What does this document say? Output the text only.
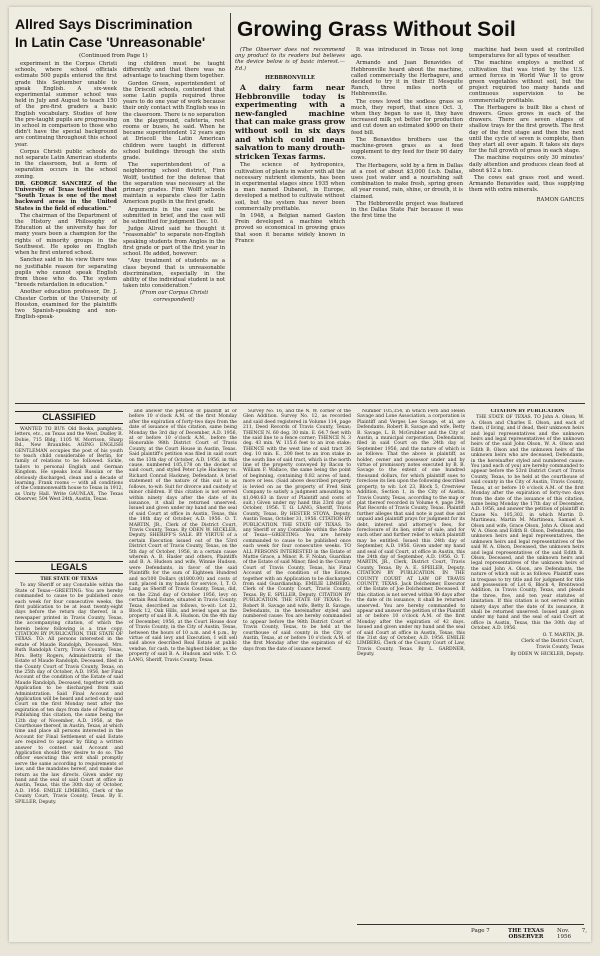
Allred Says Discrimination
In Latin Case 'Unreasonable'
(Continued from Page 1)

experiment in the Corpus Christi schools, where school officials estimate 500 pupils entered the first grade this September unable to speak English. A six-week experimental summer school was held in July and August to teach 150 of the pre-first graders a basic English vocabulary. Studies of how the pre-taught pupils are progressing in school in comparison to those who didn't have the special background are continuing throughout this school year.

Corpus Christi public schools do not separate Latin American students in the classroom, but a form of separation occurs in the school zoning.

DR. GEORGE SANCHEZ of the University of Texas testified that "South Texas is one of the most backward areas in the United States in the field of education."

The chairman of the Department of the History and Philosophy of Education at the university has for many years been a champion for the rights of minority groups in the Southwest. He spoke on English when he first entered school.

Sanchez said in his view there was no justifiable reason for separating pupils who cannot speak English from those who do. The system "breeds retardation in education."

Another education professor, Dr. J. Chester Corbin of the University of Houston, examined for the plaintiffs two Spanish-speaking and non-English-speak-

ing children must be taught differently and that there was no advantage to teaching them together.

Gordon Green, superintendent of the Driscoll schools, contended that some Latin pupils required three years to do one year of work because their only contact with English was in the classroom. There is no separation on the playground, cafeteria, rest rooms or buses, he said. When he became superintendent 12 years ago at Driscoll the Latin American children were taught in different school buildings through the sixth grade.

The superintendent of a neighboring school district, Finn Wolff, testified for the defense that the separation was necessary at the primary grades. Finn Wolff schools maintain a separate class for Latin American pupils in the first grade.

Arguments in the case will be submitted in brief, and the case will be submitted for judgment Dec. 10.

Judge Allred said he thought it "reasonable" to separate non-English speaking students from Anglos in the first grade or part of the first year in school. He added, however:

"Any treatment of students as a class beyond that is unreasonable discrimination, especially in the ability of the individual student is not taken into consideration."

(From our Corpus Christi correspondent)

Growing Grass Without Soil

(The Observer does not recommend any product to its readers but believes the device below is of basic interest.—Ed.)

HEBBRONVILLE

A dairy farm near Hebbronville today is experimenting with a new-fangled machine that can make grass grow without soil in six days and which could mean salvation to many drouth-stricken Texas farms.

The science of hydroponics, cultivation of plants in water with all the necessary nutrient elements, has been in experimental stages since 1935 when a man named Dubanot, in Europe, developed a method to cultivate without soil, but the system has never been commercially profitable.

In 1948, a Belgian named Gaston Prein developed a machine which proved so economical in growing grass that soon it became widely known in France

It was introduced in Texas not long ago.

Armando and Juan Benavides of Hebbronville heard about the machine, called commercially the Herbagere, and decided to try it in their El Mesquite Ranch, three miles north of Hebbronville.

The cows loved the sodless grass so much, they report, that since Oct. 3, when they began to use it, they have increased milk yet better for production and cut down an estimated $900 on their feed bill.

The Benavides brothers use the machine-grown grass as a feed supplement to dry feed for their 90 dairy cows.

The Herbagere, sold by a firm in Dallas at a cost of about $3,000 f.o.b. Dallas, uses just water and a nourishing salt combination to make fresh, spring green all year round, rain, shine, or drouth, it is claimed.

The Hebbronville project was featured in the Dallas State Fair because it was the first time the

machine had been used at controlled temperatures for all types of weather.

The machine employs a method of cultivation that was tried by the U.S. armed forces in World War II to grow green vegetables without soil, but the project required too many hands and continuous supervision to be commercially profitable.

The Herbagere is built like a chest of drawers. Grass grows in each of the drawers. There are seven stages of shallow trays for the first growth. The first day of the first stage and then the next until the cycle of seven is complete, then they start all over again. It takes six days for the full growth of grass in each stage.

The machine requires only 30 minutes' daily attention and produces clean feed at about $12 a ton.

The cows eat grass root and weed. Armando Benavides said, thus supplying them with extra minerals.

RAMON GARCES

CLASSIFIED

WANTED TO BUY: Old Books, pamphlets, letters, etc., on Texas and the West. Dudley R. Dobie, 715 Bldg, 1105 W. Morrison, Sharp Rd., New Braunfels. AGING ENGLISH GENTLEMAN occupies the post of his youth to teach child considerable of Berlin, for family of relations to be followed. Sickle, tailors to personal English and German Kingdom. He speaks local Russian or the obviously discharged, clean and a decade of learning. Frank rooms — with all conditions of the Commonwealth house to Texas in 1912, as Unity Hall. Write GAUNLAX, The Texas Observer, 504 West 24th, Austin, Texas.

LEGALS

THE STATE OF TEXAS

To any Sheriff or any Constable within the State of Texas—GREETING: You are hereby commanded to cause to be published once each week for four consecutive weeks, the first publication to be at least twenty-eight days before the return day thereof, in a newspaper printed in Travis County, Texas, the accompanying citation, of which the herein below following is a true copy. CITATION BY PUBLICATION, THE STATE OF TEXAS. TO: All persons interested in the estate of Maude Randolph, Deceased. Mrs. Ruth Randolph Curry, Travis County, Texas, Mrs. Betty Rogers, Administratrix of the Estate of Maude Randolph, Deceased, filed in the County Court of Travis County, Texas, on the 25th day of October, A.D. 1956, her Final Account of the condition of the Estate of said Maude Randolph, Deceased, together with an Application to be discharged from said Administration. Said Final Account and Application will be heard and acted on by said Court on the first Monday next after the expiration of ten days from date of Posting or Publishing this citation, the same being the 12th day of November, A.D. 1956, at the Courthouse thereof, in Austin, Texas, at which time and place all persons interested in the Account for Final Settlement of said Estate are required to appear by filing a written answer to contest said Account and Application should they desire to do so. The officer executing this writ shall promptly serve the same according to requirements of law, and the mandates hereof, and make due return as the law directs. Given under my hand and the seal of said Court at office in Austin, Texas, this the 30th day of October, A.D. 1956. EMILIE LIMBERG, Clerk of the County Court, Travis County, Texas. By E. SPILLER, Deputy.

and answer the petition of plaintiff at or before 10 o'clock A.M. of the first Monday after the expiration of forty-two days from the date of issuance of this citation, same being Monday the 3rd day of December, A.D. 1956, at or before 10 o'clock A.M., before the Honorable 98th District Court of Travis County, at the Court House in Austin, Texas. Said plaintiff's petition was filed in said court on the 13th day of October, A.D. 1956, in this cause, numbered 105,178 on the docket of said court, and styled Peter Lyle Hackney vs. Richard Conrad Hackney, Defendant. A brief statement of the nature of this suit is as follows, to-wit: Suit for divorce and custody of minor children. If this citation is not served within ninety days after the date of its issuance, it shall be returned unserved. Issued and given under my hand and the seal of said Court at office in Austin, Texas, this the 18th day of October, A.D. 1956. O. T. MARTIN, JR., Clerk of the District Court, Travis County, Texas. By ODEN W. HICKLER, Deputy. SHERIFF'S SALE. BY VIRTUE of a certain Execution issued out of the 53rd District Court of Travis County, Texas, on the 5th day of October, 1956, in a certain cause wherein A. B. Hasler and others, Plaintiffs and B. A. Hudson and wife, Winnie Hudson, were Defendants, in favor of the said Plaintiffs for the sum of Eighteen Hundred and no/100 Dollars ($1800.00) and costs of suit, placed in my hands for service, I, T. O. Lang as Sheriff of Travis County, Texas, did, on the 22nd day of October 1956, levy on certain Real Estate, situated in Travis County, Texas, described as follows, to-wit: Lot 22, Block 12, Oak Hills, and levied upon as the property of said B. A. Hudson. On the 4th day of December, 1956, at the Court House door of Travis County, in the City of Austin, Texas, between the hours of 10 a.m. and 4 p.m., by virtue of said levy and Execution, I will sell said above described Real Estate at public vendue, for cash, to the highest bidder, as the property of said B. A. Hudson and wife. T. O. LANG, Sheriff, Travis County, Texas.

Survey No. 16, and the N. W. corner of the Glen Addition. Survey No. 12, as recorded and said deed registered in Volume 114, page 211, Deed Records of Travis County, Texas; THENCE N. 60 deg. 30 min. E. 64.7 feet with the said line to a fence corner; THENCE N. 3 deg. 43 min. W. 115.6 feet to an iron stake; THENCE with the west line of said tract 36 deg. 10 min. E., 200 feet to an iron stake in the south line of said tract, which is the north line of the property conveyed by Bacon to William F. Wallace, the same being the point of beginning, containing 0.82 acres of land, more or less. (Said above described property is levied on as the property of Fred Sink Company to satisfy a judgment amounting to $1,040.63 in favor of Plaintiff and costs of suit.) Given under my hand this 23rd day of October, 1956. T. O. LANG, Sheriff, Travis County, Texas. By HESTER STOYA, Deputy. Austin Texas, October 31, 1956. CITATION BY PUBLICATION. THE STATE OF TEXAS. To any Sheriff or any Constable within the State of Texas—GREETING: You are hereby commanded to cause to be published once each week for four consecutive weeks. TO ALL PERSONS INTERESTED in the Estate of Mattie Grace, a Minor. R. F. Nolan, Guardian of the Estate of said Minor, filed in the County Court of Travis County, Texas, his Final Account of the condition of the Estate, together with an Application to be discharged from said Guardianship. EMILIE LIMBERG, Clerk of the County Court, Travis County, Texas. By E. SPILLER, Deputy. CITATION BY PUBLICATION. THE STATE OF TEXAS. To: Robert B. Savage and wife, Betty B. Savage, Defendants, in the hereinafter styled and numbered cause: You are hereby commanded to appear before the 98th District Court of Travis County, Texas, to be held at the courthouse of said county in the City of Austin, Texas, at or before 10 o'clock A.M. of the first Monday after the expiration of 42 days from the date of issuance hereof.

Number 105,354, in which Fern and Helen Savage and Lone Association, a corporation is Plaintiff and Verges Lee Savage, et al, are Defendants. Robert B. Savage and wife, Betty B. Savage, L. B. McGrubber and the City of Austin, a municipal corporation, Defendants, filed in said Court on the 24th day of September 1956, and the nature of which is as follows: That the above is plaintiff, as holder, owner and possessor under and by virtue of promissory notes executed by B. B. Savage to the extent of one hundred thousand dollars, for which plaintiff sues to foreclose its lien upon the following described property, to wit: Lot 23, Block 5, Crestview Addition, Section 1, in the City of Austin, Travis County, Texas, according to the map or plat thereof recorded in Volume 4, page 299, Plat Records of Travis County, Texas. Plaintiff further alleges that said note is past due and unpaid and plaintiff prays for judgment for its debt, interest and attorney's fees, for foreclosure of its lien, order of sale, and for such other and further relief to which plaintiff may be entitled. Issued this 24th day of September, A.D. 1956. Given under my hand and seal of said Court, at office in Austin, this the 24th day of September, A.D. 1956. O. T. MARTIN, JR., Clerk, District Court, Travis County, Texas. By A. E. SPEILER, Deputy. CITATION BY PUBLICATION. IN THE COUNTY COURT AT LAW OF TRAVIS COUNTY, TEXAS. Jack Dolcheimer, Executor of the Estate of Joe Dolcheimer, Deceased. If this citation is not served within 90 days after the date of its issuance, it shall be returned unserved. You are hereby commanded to appear and answer the petition of the Plaintiff at or before 10 o'clock A.M. of the first Monday after the expiration of 42 days. Issued and given under my hand and the seal of said Court at office in Austin, Texas, this the 31st day of October, A.D. 1956. EMILIE LIMBERG, Clerk of the County Court of Law, Travis County, Texas. By L. GARDNER, Deputy.

CITATION BY PUBLICATION

THE STATE OF TEXAS. TO John A. Olson, W. A. Olson and Charles E. Olson, and each of them, if living, and if dead, their unknown heirs and legal representatives and the unknown heirs and legal representatives of the unknown heirs of the said John Olson, W. A. Olson and Edith B. Olson and the unknown heirs of the unknown heirs who are deceased, Defendants, in the hereinafter styled and numbered cause: You (and each of you) are hereby commanded to appear before the 53rd District Court of Travis County, Texas, to be held at the courthouse of said county in the City of Austin, Travis County, Texas, at or before 10 o'clock A.M. of the first Monday after the expiration of forty-two days from the date of the issuance of this citation, same being Monday the 17th day of December, A.D. 1956, and answer the petition of plaintiff in Cause No. 105,302, in which Martin D. Martineau, Martin M. Martineau, Samuel A. Olson and wife, Grace Olson, John A. Olson and W. A. Olson and Edith B. Olson, Defendants, the unknown heirs and legal representatives, the unknown heirs and legal representatives of the said W. A. Olson, Deceased, the unknown heirs and legal representatives of the said Edith B. Olson, Deceased, and the unknown heirs and legal representatives of the unknown heirs of the said John A. Olson, are Defendants, the nature of which suit is as follows: Plaintiff sues in trespass to try title and for judgment for title and possession of Lot 6, Block 4, Brentwood Addition, in Travis County, Texas, and pleads the three, five, and ten year statutes of limitation. If this citation is not served within ninety days after the date of its issuance, it shall be returned unserved. Issued and given under my hand and the seal of said Court at office in Austin, Texas, this the 30th day of October, A.D. 1956.

O. T. MARTIN, JR.

Clerk of the District Court,

Travis County, Texas

By ODEN W. HICKLER, Deputy.

Page 7	THE TEXAS OBSERVER
Nov. 7, 1956
